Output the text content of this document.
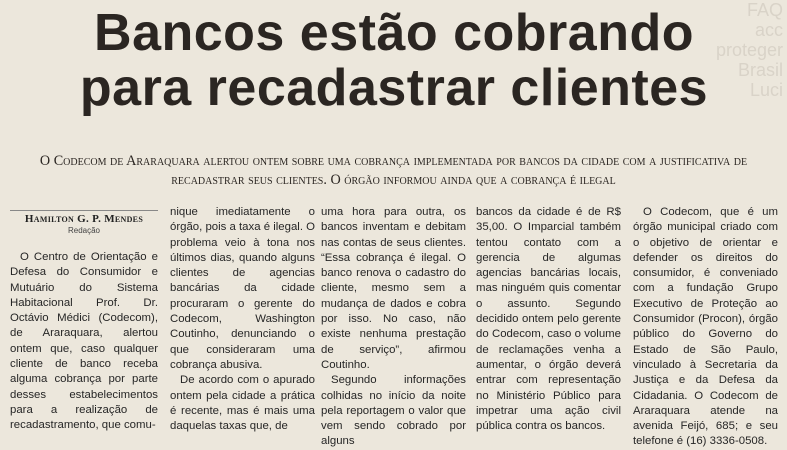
FAQ
acc
proteger
Brasil
Luci
Bancos estão cobrando
para recadastrar clientes

O Codecom de Araraquara alertou ontem sobre uma cobrança implementada por bancos da cidade com a justificativa de recadastrar seus clientes. O órgão informou ainda que a cobrança é ilegal

Hamilton G. P. Mendes
Redação

O Centro de Orientação e Defesa do Consumidor e Mutuário do Sistema Habitacional Prof. Dr. Octávio Médici (Codecom), de Araraquara, alertou ontem que, caso qualquer cliente de banco receba alguma cobrança por parte desses estabelecimentos para a realização de recadastramento, que comu-

nique imediatamente o órgão, pois a taxa é ilegal. O problema veio à tona nos últimos dias, quando alguns clientes de agencias bancárias da cidade procuraram o gerente do Codecom, Washington Coutinho, denunciando o que consideraram uma cobrança abusiva.

De acordo com o apurado ontem pela cidade a prática é recente, mas é mais uma daquelas taxas que, de

uma hora para outra, os bancos inventam e debitam nas contas de seus clientes. “Essa cobrança é ilegal. O banco renova o cadastro do cliente, mesmo sem a mudança de dados e cobra por isso. No caso, não existe nenhuma prestação de serviço”, afirmou Coutinho.

Segundo informações colhidas no início da noite pela reportagem o valor que vem sendo cobrado por alguns

bancos da cidade é de R$ 35,00. O Imparcial também tentou contato com a gerencia de algumas agencias bancárias locais, mas ninguém quis comentar o assunto. Segundo decidido ontem pelo gerente do Codecom, caso o volume de reclamações venha a aumentar, o órgão deverá entrar com representação no Ministério Público para impetrar uma ação civil pública contra os bancos.

O Codecom, que é um órgão municipal criado com o objetivo de orientar e defender os direitos do consumidor, é conveniado com a fundação Grupo Executivo de Proteção ao Consumidor (Procon), órgão público do Governo do Estado de São Paulo, vinculado à Secretaria da Justiça e da Defesa da Cidadania. O Codecom de Araraquara atende na avenida Feijó, 685; e seu telefone é (16) 3336-0508.
